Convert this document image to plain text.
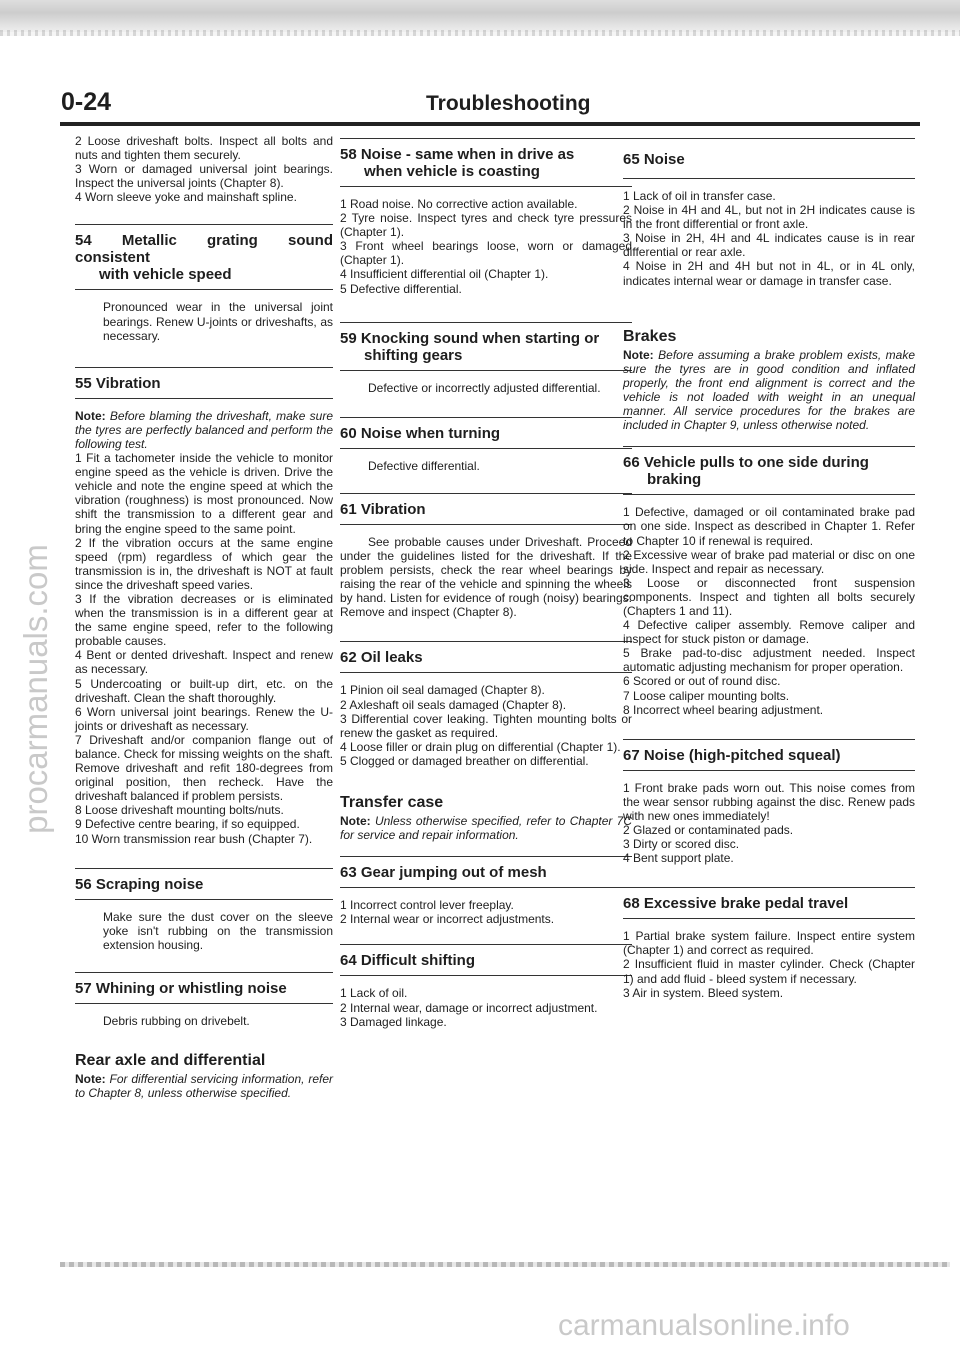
0-24	Troubleshooting
procarmanuals.com

2 Loose driveshaft bolts. Inspect all bolts and nuts and tighten them securely.

3 Worn or damaged universal joint bearings. Inspect the universal joints (Chapter 8).

4 Worn sleeve yoke and mainshaft spline.

54 Metallic grating sound consistent
with vehicle speed

Pronounced wear in the universal joint bearings. Renew U-joints or driveshafts, as necessary.

55 Vibration

Note: Before blaming the driveshaft, make sure the tyres are perfectly balanced and perform the following test.

1 Fit a tachometer inside the vehicle to monitor engine speed as the vehicle is driven. Drive the vehicle and note the engine speed at which the vibration (roughness) is most pronounced. Now shift the transmission to a different gear and bring the engine speed to the same point.

2 If the vibration occurs at the same engine speed (rpm) regardless of which gear the transmission is in, the driveshaft is NOT at fault since the driveshaft speed varies.

3 If the vibration decreases or is eliminated when the transmission is in a different gear at the same engine speed, refer to the following probable causes.

4 Bent or dented driveshaft. Inspect and renew as necessary.

5 Undercoating or built-up dirt, etc. on the driveshaft. Clean the shaft thoroughly.

6 Worn universal joint bearings. Renew the U-joints or driveshaft as necessary.

7 Driveshaft and/or companion flange out of balance. Check for missing weights on the shaft. Remove driveshaft and refit 180-degrees from original position, then recheck. Have the driveshaft balanced if problem persists.

8 Loose driveshaft mounting bolts/nuts.

9 Defective centre bearing, if so equipped.

10 Worn transmission rear bush (Chapter 7).

56 Scraping noise

Make sure the dust cover on the sleeve yoke isn't rubbing on the transmission extension housing.

57 Whining or whistling noise

Debris rubbing on drivebelt.

Rear axle and differential

Note: For differential servicing information, refer to Chapter 8, unless otherwise specified.

58 Noise - same when in drive as
when vehicle is coasting

1 Road noise. No corrective action available.

2 Tyre noise. Inspect tyres and check tyre pressures (Chapter 1).

3 Front wheel bearings loose, worn or damaged (Chapter 1).

4 Insufficient differential oil (Chapter 1).

5 Defective differential.

59 Knocking sound when starting or
shifting gears

Defective or incorrectly adjusted differential.

60 Noise when turning

Defective differential.

61 Vibration

See probable causes under Driveshaft. Proceed under the guidelines listed for the driveshaft. If the problem persists, check the rear wheel bearings by raising the rear of the vehicle and spinning the wheels by hand. Listen for evidence of rough (noisy) bearings. Remove and inspect (Chapter 8).

62 Oil leaks

1 Pinion oil seal damaged (Chapter 8).

2 Axleshaft oil seals damaged (Chapter 8).

3 Differential cover leaking. Tighten mounting bolts or renew the gasket as required.

4 Loose filler or drain plug on differential (Chapter 1).

5 Clogged or damaged breather on differential.

Transfer case

Note: Unless otherwise specified, refer to Chapter 7C for service and repair information.

63 Gear jumping out of mesh

1 Incorrect control lever freeplay.

2 Internal wear or incorrect adjustments.

64 Difficult shifting

1 Lack of oil.

2 Internal wear, damage or incorrect adjustment.

3 Damaged linkage.

65 Noise

1 Lack of oil in transfer case.

2 Noise in 4H and 4L, but not in 2H indicates cause is in the front differential or front axle.

3 Noise in 2H, 4H and 4L indicates cause is in rear differential or rear axle.

4 Noise in 2H and 4H but not in 4L, or in 4L only, indicates internal wear or damage in transfer case.

Brakes

Note: Before assuming a brake problem exists, make sure the tyres are in good condition and inflated properly, the front end alignment is correct and the vehicle is not loaded with weight in an unequal manner. All service procedures for the brakes are included in Chapter 9, unless otherwise noted.

66 Vehicle pulls to one side during
braking

1 Defective, damaged or oil contaminated brake pad on one side. Inspect as described in Chapter 1. Refer to Chapter 10 if renewal is required.

2 Excessive wear of brake pad material or disc on one side. Inspect and repair as necessary.

3 Loose or disconnected front suspension components. Inspect and tighten all bolts securely (Chapters 1 and 11).

4 Defective caliper assembly. Remove caliper and inspect for stuck piston or damage.

5 Brake pad-to-disc adjustment needed. Inspect automatic adjusting mechanism for proper operation.

6 Scored or out of round disc.

7 Loose caliper mounting bolts.

8 Incorrect wheel bearing adjustment.

67 Noise (high-pitched squeal)

1 Front brake pads worn out. This noise comes from the wear sensor rubbing against the disc. Renew pads with new ones immediately!

2 Glazed or contaminated pads.

3 Dirty or scored disc.

4 Bent support plate.

68 Excessive brake pedal travel

1 Partial brake system failure. Inspect entire system (Chapter 1) and correct as required.

2 Insufficient fluid in master cylinder. Check (Chapter 1) and add fluid - bleed system if necessary.

3 Air in system. Bleed system.

carmanualsonline.info
